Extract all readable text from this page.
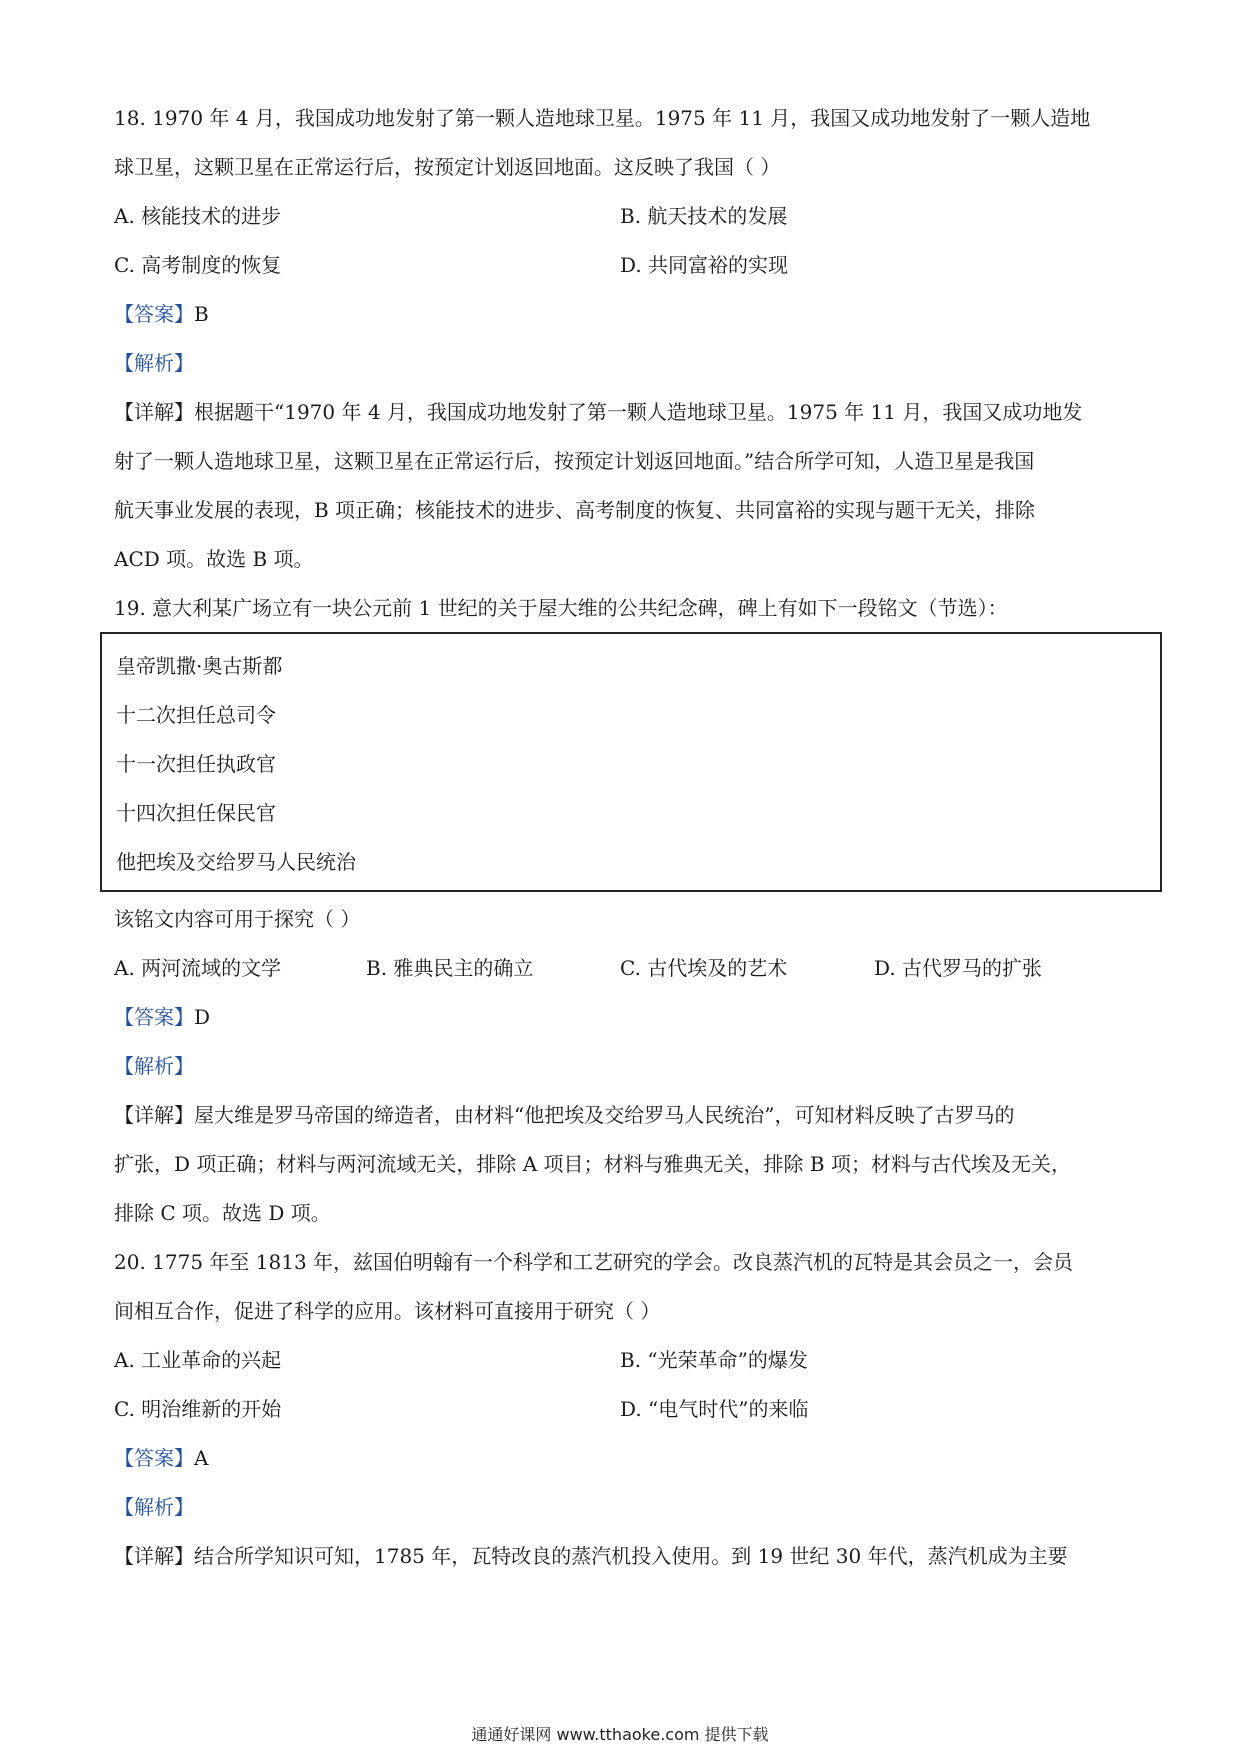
18. 1970 年 4 月，我国成功地发射了第一颗人造地球卫星。1975 年 11 月，我国又成功地发射了一颗人造地
球卫星，这颗卫星在正常运行后，按预定计划返回地面。这反映了我国（ ）
A. 核能技术的进步	B. 航天技术的发展
C. 高考制度的恢复	D. 共同富裕的实现
【答案】B
【解析】
【详解】根据题干“1970 年 4 月，我国成功地发射了第一颗人造地球卫星。1975 年 11 月，我国又成功地发
射了一颗人造地球卫星，这颗卫星在正常运行后，按预定计划返回地面。”结合所学可知，人造卫星是我国
航天事业发展的表现，B 项正确；核能技术的进步、高考制度的恢复、共同富裕的实现与题干无关，排除
ACD 项。故选 B 项。
19. 意大利某广场立有一块公元前 1 世纪的关于屋大维的公共纪念碑，碑上有如下一段铭文（节选）：
皇帝凯撒·奥古斯都
十二次担任总司令
十一次担任执政官
十四次担任保民官
他把埃及交给罗马人民统治
该铭文内容可用于探究（ ）
A. 两河流域的文学	B. 雅典民主的确立	C. 古代埃及的艺术	D. 古代罗马的扩张
【答案】D
【解析】
【详解】屋大维是罗马帝国的缔造者，由材料“他把埃及交给罗马人民统治”，可知材料反映了古罗马的
扩张，D 项正确；材料与两河流域无关，排除 A 项目；材料与雅典无关，排除 B 项；材料与古代埃及无关，
排除 C 项。故选 D 项。
20. 1775 年至 1813 年，兹国伯明翰有一个科学和工艺研究的学会。改良蒸汽机的瓦特是其会员之一，会员
间相互合作，促进了科学的应用。该材料可直接用于研究（ ）
A. 工业革命的兴起	B. “光荣革命”的爆发
C. 明治维新的开始	D. “电气时代”的来临
【答案】A
【解析】
【详解】结合所学知识可知，1785 年，瓦特改良的蒸汽机投入使用。到 19 世纪 30 年代，蒸汽机成为主要
通通好课网 www.tthaoke.com 提供下载
